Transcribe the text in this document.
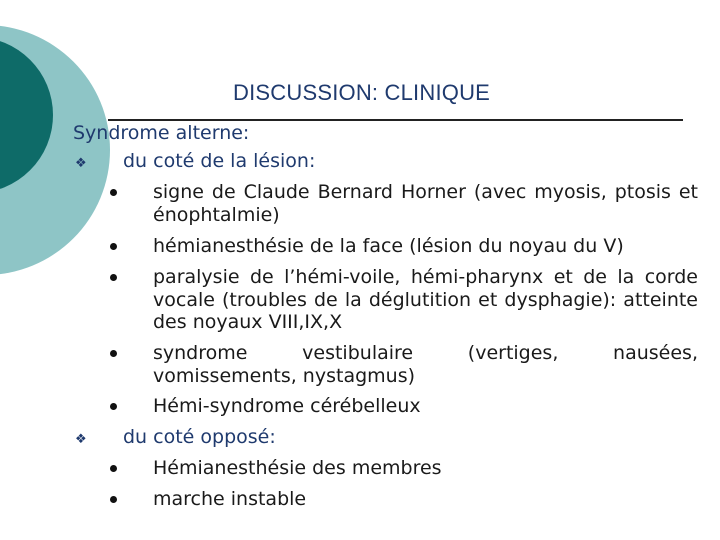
DISCUSSION: CLINIQUE
Syndrome alterne:
❖ du coté de la lésion:
signe de Claude Bernard Horner (avec myosis, ptosis et énophtalmie)
hémianesthésie de la face (lésion du noyau du V)
paralysie de l’hémi-voile, hémi-pharynx et de la corde vocale (troubles de la déglutition et dysphagie): atteinte des noyaux VIII,IX,X
syndrome vestibulaire (vertiges, nausées, vomissements, nystagmus)
Hémi-syndrome cérébelleux
❖ du coté opposé:
Hémianesthésie des membres
marche instable
